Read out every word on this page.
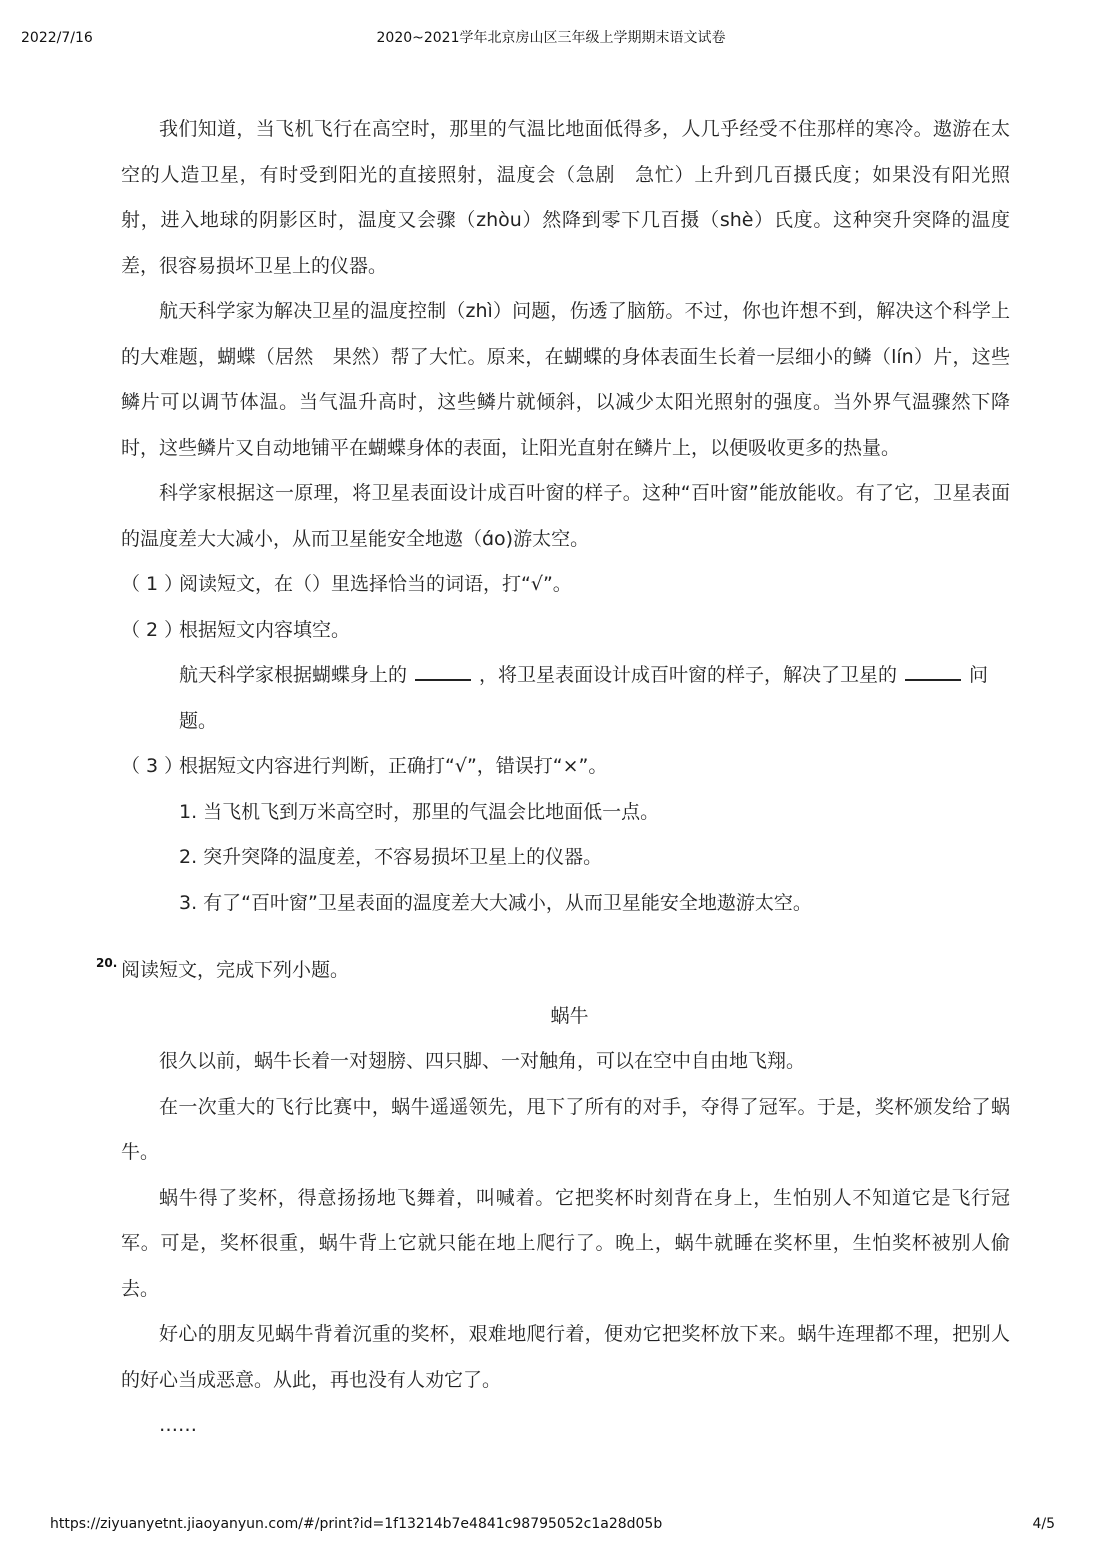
2022/7/16	2020~2021学年北京房山区三年级上学期期末语文试卷

我们知道，当飞机飞行在高空时，那里的气温比地面低得多，人几乎经受不住那样的寒冷。遨游在太空的人造卫星，有时受到阳光的直接照射，温度会（急剧　急忙）上升到几百摄氏度；如果没有阳光照射，进入地球的阴影区时，温度又会骤（zhòu）然降到零下几百摄（shè）氏度。这种突升突降的温度差，很容易损坏卫星上的仪器。

航天科学家为解决卫星的温度控制（zhì）问题，伤透了脑筋。不过，你也许想不到，解决这个科学上的大难题，蝴蝶（居然　果然）帮了大忙。原来，在蝴蝶的身体表面生长着一层细小的鳞（lín）片，这些鳞片可以调节体温。当气温升高时，这些鳞片就倾斜，以减少太阳光照射的强度。当外界气温骤然下降时，这些鳞片又自动地铺平在蝴蝶身体的表面，让阳光直射在鳞片上，以便吸收更多的热量。

科学家根据这一原理，将卫星表面设计成百叶窗的样子。这种“百叶窗”能放能收。有了它，卫星表面的温度差大大减小，从而卫星能安全地遨（ɑ́o)游太空。

（ 1 ）
阅读短文，在（）里选择恰当的词语，打“√”。
（ 2 ）
根据短文内容填空。
航天科学家根据蝴蝶身上的	，将卫星表面设计成百叶窗的样子，解决了卫星的	问题。
（ 3 ）
根据短文内容进行判断，正确打“√”，错误打“×”。
1. 当飞机飞到万米高空时，那里的气温会比地面低一点。
2. 突升突降的温度差，不容易损坏卫星上的仪器。
3. 有了“百叶窗”卫星表面的温度差大大减小，从而卫星能安全地遨游太空。
20. 阅读短文，完成下列小题。

蜗牛

很久以前，蜗牛长着一对翅膀、四只脚、一对触角，可以在空中自由地飞翔。

在一次重大的飞行比赛中，蜗牛遥遥领先，甩下了所有的对手，夺得了冠军。于是，奖杯颁发给了蜗牛。

蜗牛得了奖杯，得意扬扬地飞舞着，叫喊着。它把奖杯时刻背在身上，生怕别人不知道它是飞行冠军。可是，奖杯很重，蜗牛背上它就只能在地上爬行了。晚上，蜗牛就睡在奖杯里，生怕奖杯被别人偷去。

好心的朋友见蜗牛背着沉重的奖杯，艰难地爬行着，便劝它把奖杯放下来。蜗牛连理都不理，把别人的好心当成恶意。从此，再也没有人劝它了。

……

https://ziyuanyetnt.jiaoyanyun.com/#/print?id=1f13214b7e4841c98795052c1a28d05b	4/5
